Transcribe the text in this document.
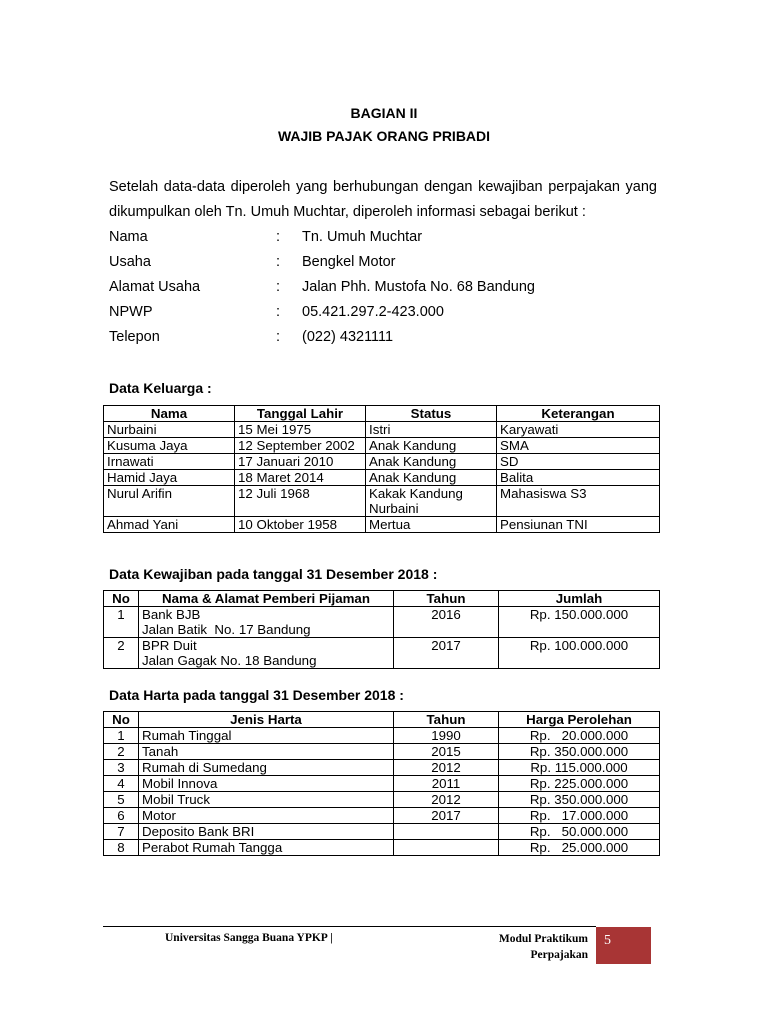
BAGIAN II
WAJIB PAJAK ORANG PRIBADI
Setelah data-data diperoleh yang berhubungan dengan kewajiban perpajakan yang dikumpulkan oleh Tn. Umuh Muchtar, diperoleh informasi sebagai berikut :
Nama	: Tn. Umuh Muchtar
Usaha	: Bengkel Motor
Alamat Usaha	: Jalan Phh. Mustofa No. 68 Bandung
NPWP	: 05.421.297.2-423.000
Telepon	: (022) 4321111
Data Keluarga :
Nama	Tanggal Lahir	Status	Keterangan
Nurbaini	15 Mei 1975	Istri	Karyawati
Kusuma Jaya	12 September 2002	Anak Kandung	SMA
Irnawati	17 Januari 2010	Anak Kandung	SD
Hamid Jaya	18 Maret 2014	Anak Kandung	Balita
Nurul Arifin	12 Juli 1968	Kakak Kandung Nurbaini	Mahasiswa S3
Ahmad Yani	10 Oktober 1958	Mertua	Pensiunan TNI
Data Kewajiban pada tanggal 31 Desember 2018 :
No	Nama & Alamat Pemberi Pijaman	Tahun	Jumlah
1	Bank BJB
Jalan Batik  No. 17 Bandung	2016	Rp. 150.000.000
2	BPR Duit
Jalan Gagak No. 18 Bandung	2017	Rp. 100.000.000
Data Harta pada tanggal 31 Desember 2018 :
No	Jenis Harta	Tahun	Harga Perolehan
1	Rumah Tinggal	1990	Rp.   20.000.000
2	Tanah	2015	Rp. 350.000.000
3	Rumah di Sumedang	2012	Rp. 115.000.000
4	Mobil Innova	2011	Rp. 225.000.000
5	Mobil Truck	2012	Rp. 350.000.000
6	Motor	2017	Rp.   17.000.000
7	Deposito Bank BRI		Rp.   50.000.000
8	Perabot Rumah Tangga		Rp.   25.000.000
Universitas Sangga Buana YPKP |	Modul Praktikum
Perpajakan
5
